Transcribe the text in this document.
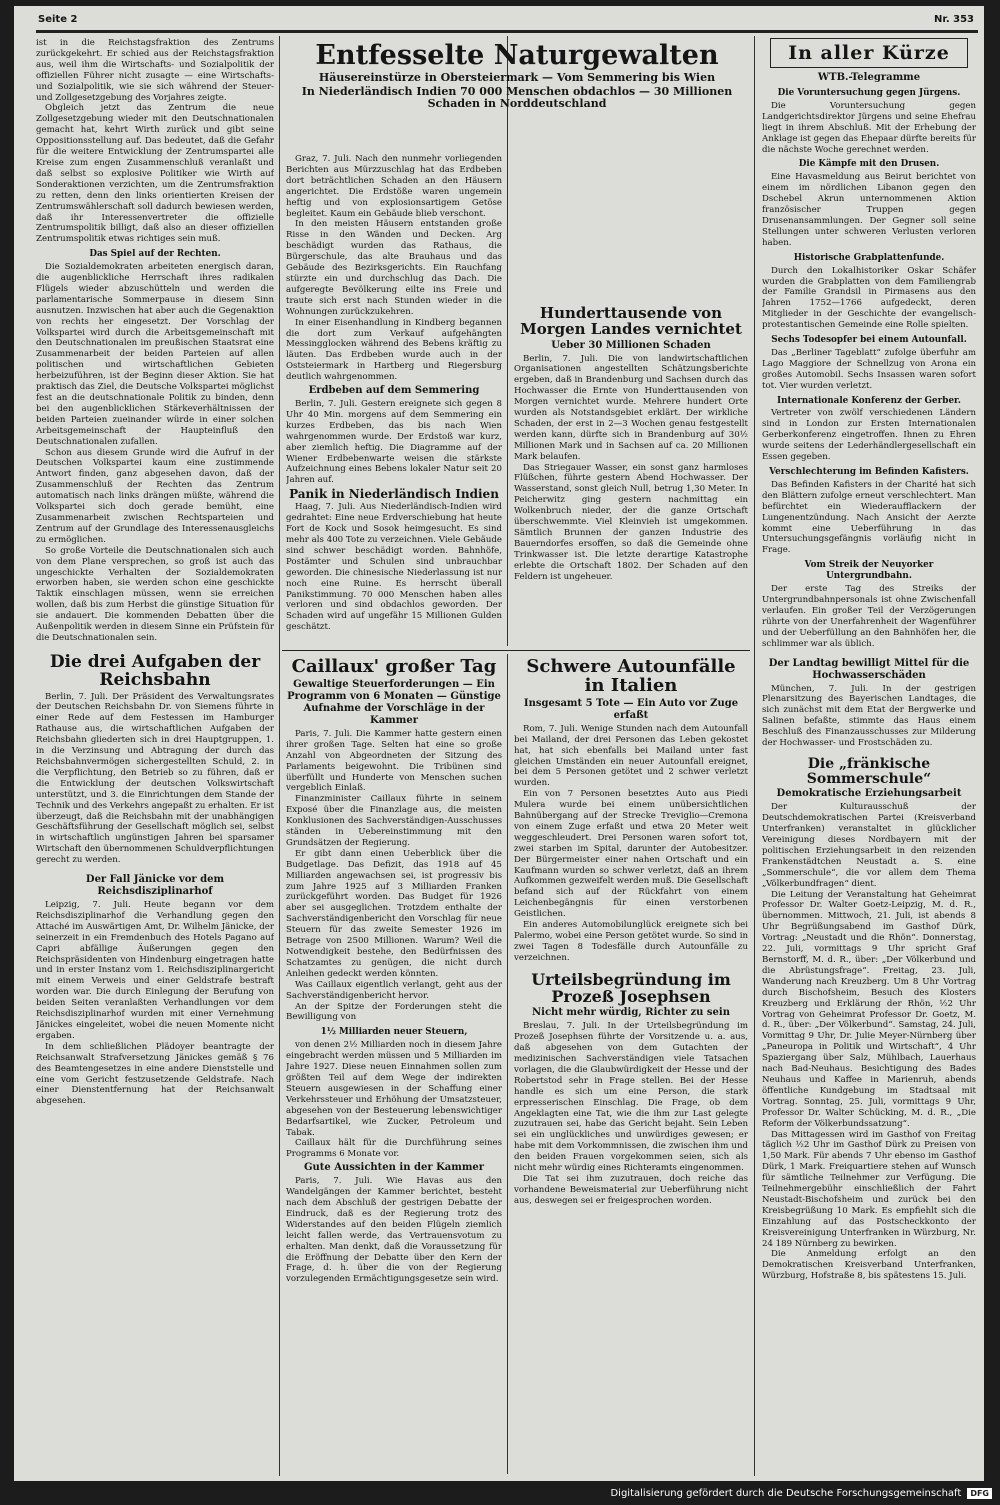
Seite 2	Nr. 353

ist in die Reichstagsfraktion des Zentrums zurückgekehrt. Er schied aus der Reichstagsfraktion aus, weil ihm die Wirtschafts- und Sozialpolitik der offiziellen Führer nicht zusagte — eine Wirtschafts- und Sozialpolitik, wie sie sich während der Steuer- und Zollgesetzgebung des Vorjahres zeigte.

Obgleich jetzt das Zentrum die neue Zollgesetzgebung wieder mit den Deutschnationalen gemacht hat, kehrt Wirth zurück und gibt seine Oppositionsstellung auf. Das bedeutet, daß die Gefahr für die weitere Entwicklung der Zentrumspartei alle Kreise zum engen Zusammenschluß veranlaßt und daß selbst so explosive Politiker wie Wirth auf Sonderaktionen verzichten, um die Zentrumsfraktion zu retten, denn den links orientierten Kreisen der Zentrumswählerschaft soll dadurch bewiesen werden, daß ihr Interessenvertreter die offizielle Zentrumspolitik billigt, daß also an dieser offiziellen Zentrumspolitik etwas richtiges sein muß.

Das Spiel auf der Rechten.

Die Sozialdemokraten arbeiteten energisch daran, die augenblickliche Herrschaft ihres radikalen Flügels wieder abzuschütteln und werden die parlamentarische Sommerpause in diesem Sinn ausnutzen. Inzwischen hat aber auch die Gegenaktion von rechts her eingesetzt. Der Vorschlag der Volkspartei wird durch die Arbeitsgemeinschaft mit den Deutschnationalen im preußischen Staatsrat eine Zusammenarbeit der beiden Parteien auf allen politischen und wirtschaftlichen Gebieten herbeizuführen, ist der Beginn dieser Aktion. Sie hat praktisch das Ziel, die Deutsche Volkspartei möglichst fest an die deutschnationale Politik zu binden, denn bei den augenblicklichen Stärkeverhältnissen der beiden Parteien zueinander würde in einer solchen Arbeitsgemeinschaft der Haupteinfluß den Deutschnationalen zufallen.

Schon aus diesem Grunde wird die Aufruf in der Deutschen Volkspartei kaum eine zustimmende Antwort finden, ganz abgesehen davon, daß der Zusammenschluß der Rechten das Zentrum automatisch nach links drängen müßte, während die Volkspartei sich doch gerade bemüht, eine Zusammenarbeit zwischen Rechtsparteien und Zentrum auf der Grundlage des Interessenausgleichs zu ermöglichen.

So große Vorteile die Deutschnationalen sich auch von dem Plane versprechen, so groß ist auch das ungeschickte Verhalten der Sozialdemokraten erworben haben, sie werden schon eine geschickte Taktik einschlagen müssen, wenn sie erreichen wollen, daß bis zum Herbst die günstige Situation für sie andauert. Die kommenden Debatten über die Außenpolitik werden in diesem Sinne ein Prüfstein für die Deutschnationalen sein.

Die drei Aufgaben der Reichsbahn

Berlin, 7. Juli. Der Präsident des Verwaltungsrates der Deutschen Reichsbahn Dr. von Siemens führte in einer Rede auf dem Festessen im Hamburger Rathause aus, die wirtschaftlichen Aufgaben der Reichsbahn gliederten sich in drei Hauptgruppen, 1. in die Verzinsung und Abtragung der durch das Reichsbahnvermögen sichergestellten Schuld, 2. in die Verpflichtung, den Betrieb so zu führen, daß er die Entwicklung der deutschen Volkswirtschaft unterstützt, und 3. die Einrichtungen dem Stande der Technik und des Verkehrs angepaßt zu erhalten. Er ist überzeugt, daß die Reichsbahn mit der unabhängigen Geschäftsführung der Gesellschaft möglich sei, selbst in wirtschaftlich ungünstigen Jahren bei sparsamer Wirtschaft den übernommenen Schuldverpflichtungen gerecht zu werden.

Der Fall Jänicke vor dem Reichsdisziplinarhof

Leipzig, 7. Juli. Heute begann vor dem Reichsdisziplinarhof die Verhandlung gegen den Attaché im Auswärtigen Amt, Dr. Wilhelm Jänicke, der seinerzeit in ein Fremdenbuch des Hotels Pagano auf Capri abfällige Äußerungen gegen den Reichspräsidenten von Hindenburg eingetragen hatte und in erster Instanz vom 1. Reichsdisziplinargericht mit einem Verweis und einer Geldstrafe bestraft worden war. Die durch Einlegung der Berufung von beiden Seiten veranlaßten Verhandlungen vor dem Reichsdisziplinarhof wurden mit einer Vernehmung Jänickes eingeleitet, wobei die neuen Momente nicht ergaben.

In dem schließlichen Plädoyer beantragte der Reichsanwalt Strafversetzung Jänickes gemäß § 76 des Beamtengesetzes in eine andere Dienststelle und eine vom Gericht festzusetzende Geldstrafe. Nach einer Dienstentfernung hat der Reichsanwalt abgesehen.

Entfesselte Naturgewalten
Häusereinstürze in Obersteiermark — Vom Semmering bis Wien
In Niederländisch Indien 70 000 Menschen obdachlos — 30 Millionen Schaden in Norddeutschland

Graz, 7. Juli. Nach den nunmehr vorliegenden Berichten aus Mürzzuschlag hat das Erdbeben dort beträchtlichen Schaden an den Häusern angerichtet. Die Erdstöße waren ungemein heftig und von explosionsartigem Getöse begleitet. Kaum ein Gebäude blieb verschont.

In den meisten Häusern entstanden große Risse in den Wänden und Decken. Arg beschädigt wurden das Rathaus, die Bürgerschule, das alte Brauhaus und das Gebäude des Bezirksgerichts. Ein Rauchfang stürzte ein und durchschlug das Dach. Die aufgeregte Bevölkerung eilte ins Freie und traute sich erst nach Stunden wieder in die Wohnungen zurückzukehren.

In einer Eisenhandlung in Kindberg begannen die dort zum Verkauf aufgehängten Messingglocken während des Bebens kräftig zu läuten. Das Erdbeben wurde auch in der Oststeiermark in Hartberg und Riegersburg deutlich wahrgenommen.

Erdbeben auf dem Semmering

Berlin, 7. Juli. Gestern ereignete sich gegen 8 Uhr 40 Min. morgens auf dem Semmering ein kurzes Erdbeben, das bis nach Wien wahrgenommen wurde. Der Erdstoß war kurz, aber ziemlich heftig. Die Diagramme auf der Wiener Erdbebenwarte weisen die stärkste Aufzeichnung eines Bebens lokaler Natur seit 20 Jahren auf.

Panik in Niederländisch Indien

Haag, 7. Juli. Aus Niederländisch-Indien wird gedrahtet: Eine neue Erdverschiebung hat heute Fort de Kock und Sosok heimgesucht. Es sind mehr als 400 Tote zu verzeichnen. Viele Gebäude sind schwer beschädigt worden. Bahnhöfe, Postämter und Schulen sind unbrauchbar geworden. Die chinesische Niederlassung ist nur noch eine Ruine. Es herrscht überall Panikstimmung. 70 000 Menschen haben alles verloren und sind obdachlos geworden. Der Schaden wird auf ungefähr 15 Millionen Gulden geschätzt.

Hunderttausende von Morgen Landes vernichtet
Ueber 30 Millionen Schaden

Berlin, 7. Juli. Die von landwirtschaftlichen Organisationen angestellten Schätzungsberichte ergeben, daß in Brandenburg und Sachsen durch das Hochwasser die Ernte von Hunderttausenden von Morgen vernichtet wurde. Mehrere hundert Orte wurden als Notstandsgebiet erklärt. Der wirkliche Schaden, der erst in 2—3 Wochen genau festgestellt werden kann, dürfte sich in Brandenburg auf 30½ Millionen Mark und in Sachsen auf ca. 20 Millionen Mark belaufen.

Das Striegauer Wasser, ein sonst ganz harmloses Flüßchen, führte gestern Abend Hochwasser. Der Wasserstand, sonst gleich Null, betrug 1,30 Meter. In Peicherwitz ging gestern nachmittag ein Wolkenbruch nieder, der die ganze Ortschaft überschwemmte. Viel Kleinvieh ist umgekommen. Sämtlich Brunnen der ganzen Industrie des Bauerndorfes ersoffen, so daß die Gemeinde ohne Trinkwasser ist. Die letzte derartige Katastrophe erlebte die Ortschaft 1802. Der Schaden auf den Feldern ist ungeheuer.

Caillaux' großer Tag
Gewaltige Steuerforderungen — Ein Programm von 6 Monaten — Günstige Aufnahme der Vorschläge in der Kammer

Paris, 7. Juli. Die Kammer hatte gestern einen ihrer großen Tage. Selten hat eine so große Anzahl von Abgeordneten der Sitzung des Parlaments beigewohnt. Die Tribünen sind überfüllt und Hunderte von Menschen suchen vergeblich Einlaß.

Finanzminister Caillaux führte in seinem Exposé über die Finanzlage aus, die meisten Konklusionen des Sachverständigen-Ausschusses ständen in Uebereinstimmung mit den Grundsätzen der Regierung.

Er gibt dann einen Ueberblick über die Budgetlage. Das Defizit, das 1918 auf 45 Milliarden angewachsen sei, ist progressiv bis zum Jahre 1925 auf 3 Milliarden Franken zurückgeführt worden. Das Budget für 1926 aber sei ausgeglichen. Trotzdem enthalte der Sachverständigenbericht den Vorschlag für neue Steuern für das zweite Semester 1926 im Betrage von 2500 Millionen. Warum? Weil die Notwendigkeit bestehe, den Bedürfnissen des Schatzamtes zu genügen, die nicht durch Anleihen gedeckt werden könnten.

Was Caillaux eigentlich verlangt, geht aus der Sachverständigenbericht hervor.

An der Spitze der Forderungen steht die Bewilligung von

1½ Milliarden neuer Steuern,

von denen 2½ Milliarden noch in diesem Jahre eingebracht werden müssen und 5 Milliarden im Jahre 1927. Diese neuen Einnahmen sollen zum größten Teil auf dem Wege der indirekten Steuern ausgewiesen in der Schaffung einer Verkehrssteuer und Erhöhung der Umsatzsteuer, abgesehen von der Besteuerung lebenswichtiger Bedarfsartikel, wie Zucker, Petroleum und Tabak.

Caillaux hält für die Durchführung seines Programms 6 Monate vor.

Gute Aussichten in der Kammer

Paris, 7. Juli. Wie Havas aus den Wandelgängen der Kammer berichtet, besteht nach dem Abschluß der gestrigen Debatte der Eindruck, daß es der Regierung trotz des Widerstandes auf den beiden Flügeln ziemlich leicht fallen werde, das Vertrauensvotum zu erhalten. Man denkt, daß die Voraussetzung für die Eröffnung der Debatte über den Kern der Frage, d. h. über die von der Regierung vorzulegenden Ermächtigungsgesetze sein wird.

Schwere Autounfälle in Italien
Insgesamt 5 Tote — Ein Auto vor Zuge erfaßt

Rom, 7. Juli. Wenige Stunden nach dem Autounfall bei Mailand, der drei Personen das Leben gekostet hat, hat sich ebenfalls bei Mailand unter fast gleichen Umständen ein neuer Autounfall ereignet, bei dem 5 Personen getötet und 2 schwer verletzt wurden.

Ein von 7 Personen besetztes Auto aus Piedi Mulera wurde bei einem unübersichtlichen Bahnübergang auf der Strecke Treviglio—Cremona von einem Zuge erfaßt und etwa 20 Meter weit weggeschleudert. Drei Personen waren sofort tot, zwei starben im Spital, darunter der Autobesitzer. Der Bürgermeister einer nahen Ortschaft und ein Kaufmann wurden so schwer verletzt, daß an ihrem Aufkommen gezweifelt werden muß. Die Gesellschaft befand sich auf der Rückfahrt von einem Leichenbegängnis für einen verstorbenen Geistlichen.

Ein anderes Automobilunglück ereignete sich bei Palermo, wobei eine Person getötet wurde. So sind in zwei Tagen 8 Todesfälle durch Autounfälle zu verzeichnen.

Urteilsbegründung im Prozeß Josephsen
Nicht mehr würdig, Richter zu sein

Breslau, 7. Juli. In der Urteilsbegründung im Prozeß Josephsen führte der Vorsitzende u. a. aus, daß abgesehen von dem Gutachten der medizinischen Sachverständigen viele Tatsachen vorlagen, die die Glaubwürdigkeit der Hesse und der Robertstod sehr in Frage stellen. Bei der Hesse handle es sich um eine Person, die stark erpresserischen Einschlag. Die Frage, ob dem Angeklagten eine Tat, wie die ihm zur Last gelegte zuzutrauen sei, habe das Gericht bejaht. Sein Leben sei ein unglückliches und unwürdiges gewesen; er habe mit dem Vorkommnissen, die zwischen ihm und den beiden Frauen vorgekommen seien, sich als nicht mehr würdig eines Richteramts eingenommen.

Die Tat sei ihm zuzutrauen, doch reiche das vorhandene Beweismaterial zur Ueberführung nicht aus, deswegen sei er freigesprochen worden.

In aller Kürze
WTB.-Telegramme
Die Voruntersuchung gegen Jürgens.

Die Voruntersuchung gegen Landgerichtsdirektor Jürgens und seine Ehefrau liegt in ihrem Abschluß. Mit der Erhebung der Anklage ist gegen das Ehepaar dürfte bereits für die nächste Woche gerechnet werden.

Die Kämpfe mit den Drusen.

Eine Havasmeldung aus Beirut berichtet von einem im nördlichen Libanon gegen den Dschebel Akrun unternommenen Aktion französischer Truppen gegen Drusenansammlungen. Der Gegner soll seine Stellungen unter schweren Verlusten verloren haben.

Historische Grabplattenfunde.

Durch den Lokalhistoriker Oskar Schäfer wurden die Grabplatten von dem Familiengrab der Familie Grandsil in Pirmasens aus den Jahren 1752—1766 aufgedeckt, deren Mitglieder in der Geschichte der evangelisch-protestantischen Gemeinde eine Rolle spielten.

Sechs Todesopfer bei einem Autounfall.

Das „Berliner Tageblatt“ zufolge überfuhr am Lago Maggiore der Schnellzug von Arona ein großes Automobil. Sechs Insassen waren sofort tot. Vier wurden verletzt.

Internationale Konferenz der Gerber.

Vertreter von zwölf verschiedenen Ländern sind in London zur Ersten Internationalen Gerberkonferenz eingetroffen. Ihnen zu Ehren wurde seitens der Lederhändlergesellschaft ein Essen gegeben.

Verschlechterung im Befinden Kafisters.

Das Befinden Kafisters in der Charité hat sich den Blättern zufolge erneut verschlechtert. Man befürchtet ein Wiederaufflackern der Lungenentzündung. Nach Ansicht der Aerzte kommt eine Ueberführung in das Untersuchungsgefängnis vorläufig nicht in Frage.

Vom Streik der Neuyorker Untergrundbahn.

Der erste Tag des Streiks der Untergrundbahnpersonals ist ohne Zwischenfall verlaufen. Ein großer Teil der Verzögerungen rührte von der Unerfahrenheit der Wagenführer und der Ueberfüllung an den Bahnhöfen her, die schlimmer war als üblich.

Der Landtag bewilligt Mittel für die Hochwasserschäden

München, 7. Juli. In der gestrigen Plenarsitzung des Bayerischen Landtages, die sich zunächst mit dem Etat der Bergwerke und Salinen befaßte, stimmte das Haus einem Beschluß des Finanzausschusses zur Milderung der Hochwasser- und Frostschäden zu.

Die „fränkische Sommerschule“
Demokratische Erziehungsarbeit

Der Kulturausschuß der Deutschdemokratischen Partei (Kreisverband Unterfranken) veranstaltet in glücklicher Vereinigung dieses Nordbayern mit der politischen Erziehungsarbeit in den reizenden Frankenstädtchen Neustadt a. S. eine „Sommerschule“, die vor allem dem Thema „Völkerbundfragen“ dient.

Die Leitung der Veranstaltung hat Geheimrat Professor Dr. Walter Goetz-Leipzig, M. d. R., übernommen. Mittwoch, 21. Juli, ist abends 8 Uhr Begrüßungsabend im Gasthof Dürk, Vortrag: „Neustadt und die Rhön“. Donnerstag, 22. Juli, vormittags 9 Uhr spricht Graf Bernstorff, M. d. R., über: „Der Völkerbund und die Abrüstungsfrage“. Freitag, 23. Juli, Wanderung nach Kreuzberg. Um 8 Uhr Vortrag durch Bischofsheim, Besuch des Klosters Kreuzberg und Erklärung der Rhön, ½2 Uhr Vortrag von Geheimrat Professor Dr. Goetz, M. d. R., über: „Der Völkerbund“. Samstag, 24. Juli, Vormittag 9 Uhr, Dr. Julie Meyer-Nürnberg über „Paneuropa in Politik und Wirtschaft“, 4 Uhr Spaziergang über Salz, Mühlbach, Lauerhaus nach Bad-Neuhaus. Besichtigung des Bades Neuhaus und Kaffee in Marienruh, abends öffentliche Kundgebung im Stadtsaal mit Vortrag. Sonntag, 25. Juli, vormittags 9 Uhr, Professor Dr. Walter Schücking, M. d. R., „Die Reform der Völkerbundssatzung“.

Das Mittagessen wird im Gasthof von Freitag täglich ½2 Uhr im Gasthof Dürk zu Preisen von 1,50 Mark. Für abends 7 Uhr ebenso im Gasthof Dürk, 1 Mark. Freiquartiere stehen auf Wunsch für sämtliche Teilnehmer zur Verfügung. Die Teilnehmergebühr einschließlich der Fahrt Neustadt-Bischofsheim und zurück bei den Kreisbegrüßung 10 Mark. Es empfiehlt sich die Einzahlung auf das Postscheckkonto der Kreisvereinigung Unterfranken in Würzburg, Nr. 24 189 Nürnberg zu bewirken.

Die Anmeldung erfolgt an den Demokratischen Kreisverband Unterfranken, Würzburg, Hofstraße 8, bis spätestens 15. Juli.

Digitalisierung gefördert durch die Deutsche Forschungsgemeinschaft	DFG
